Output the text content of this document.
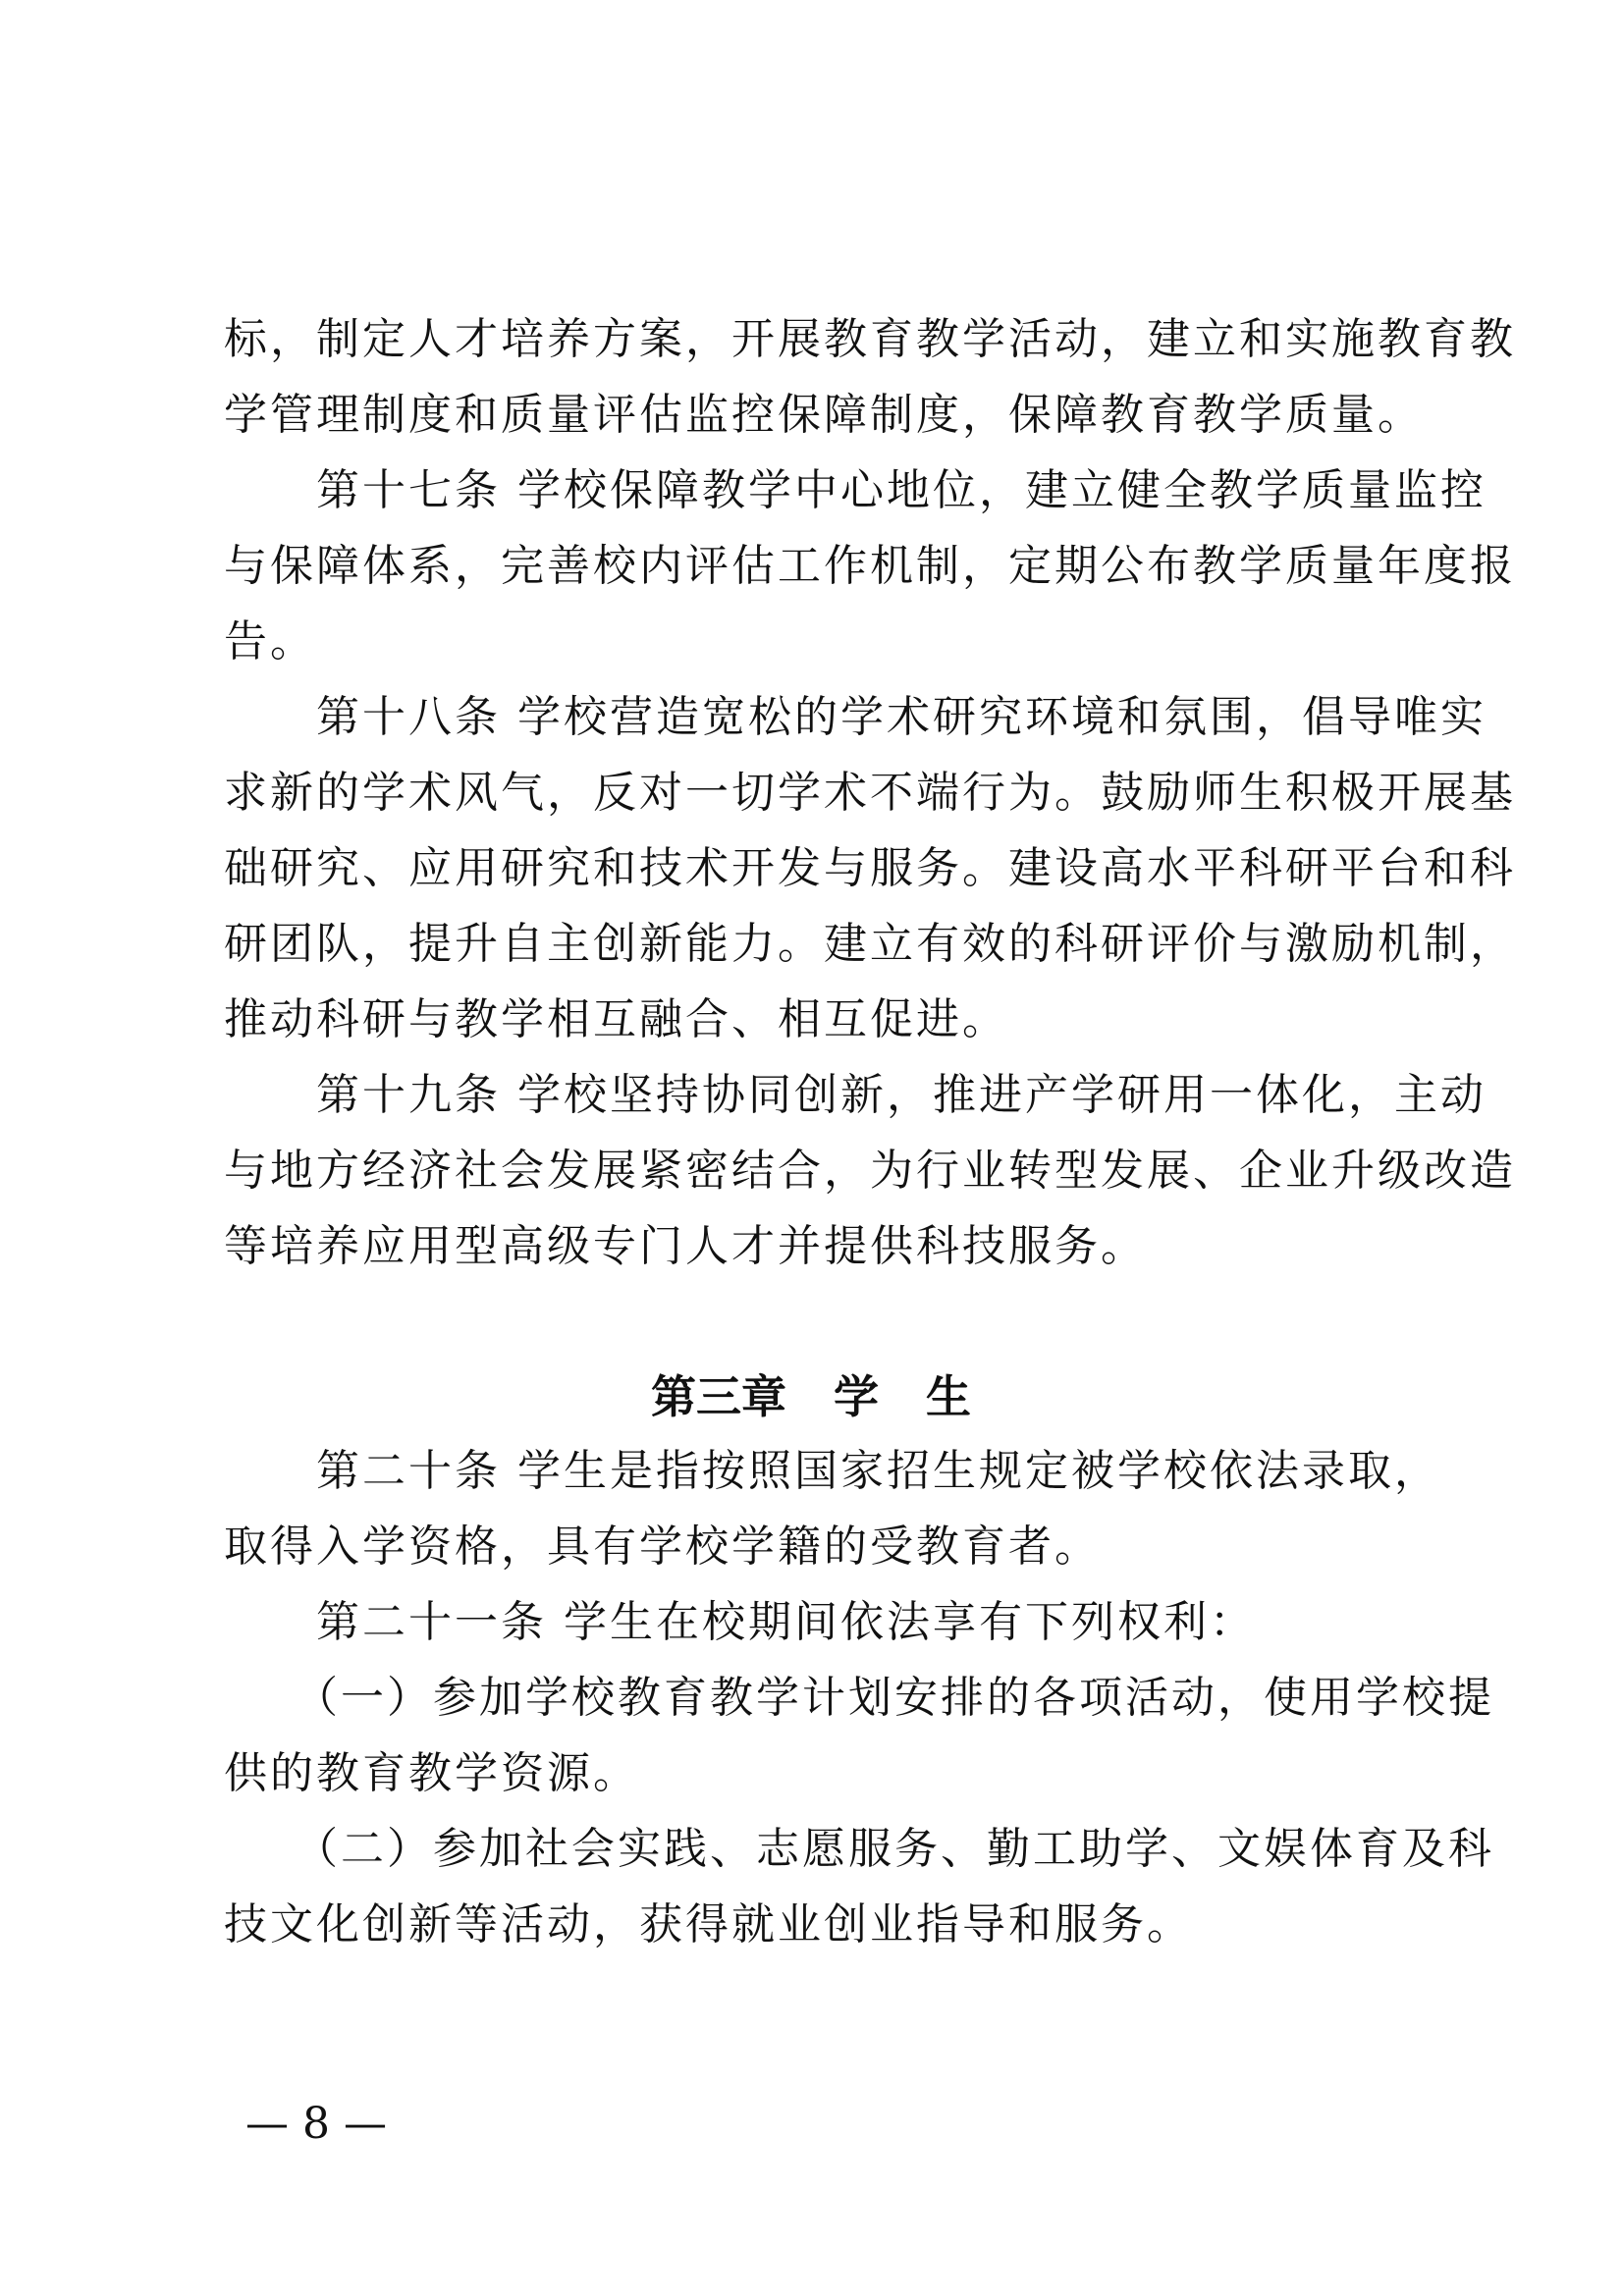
标，制定人才培养方案，开展教育教学活动，建立和实施教育教
学管理制度和质量评估监控保障制度，保障教育教学质量。
　　第十七条 学校保障教学中心地位，建立健全教学质量监控
与保障体系，完善校内评估工作机制，定期公布教学质量年度报
告。
　　第十八条 学校营造宽松的学术研究环境和氛围，倡导唯实
求新的学术风气，反对一切学术不端行为。鼓励师生积极开展基
础研究、应用研究和技术开发与服务。建设高水平科研平台和科
研团队，提升自主创新能力。建立有效的科研评价与激励机制，
推动科研与教学相互融合、相互促进。
　　第十九条 学校坚持协同创新，推进产学研用一体化，主动
与地方经济社会发展紧密结合，为行业转型发展、企业升级改造
等培养应用型高级专门人才并提供科技服务。
第三章   学   生
　　第二十条 学生是指按照国家招生规定被学校依法录取，
取得入学资格，具有学校学籍的受教育者。
　　第二十一条 学生在校期间依法享有下列权利：
　　（一）参加学校教育教学计划安排的各项活动，使用学校提
供的教育教学资源。
　　（二）参加社会实践、志愿服务、勤工助学、文娱体育及科
技文化创新等活动，获得就业创业指导和服务。
— 8 —
